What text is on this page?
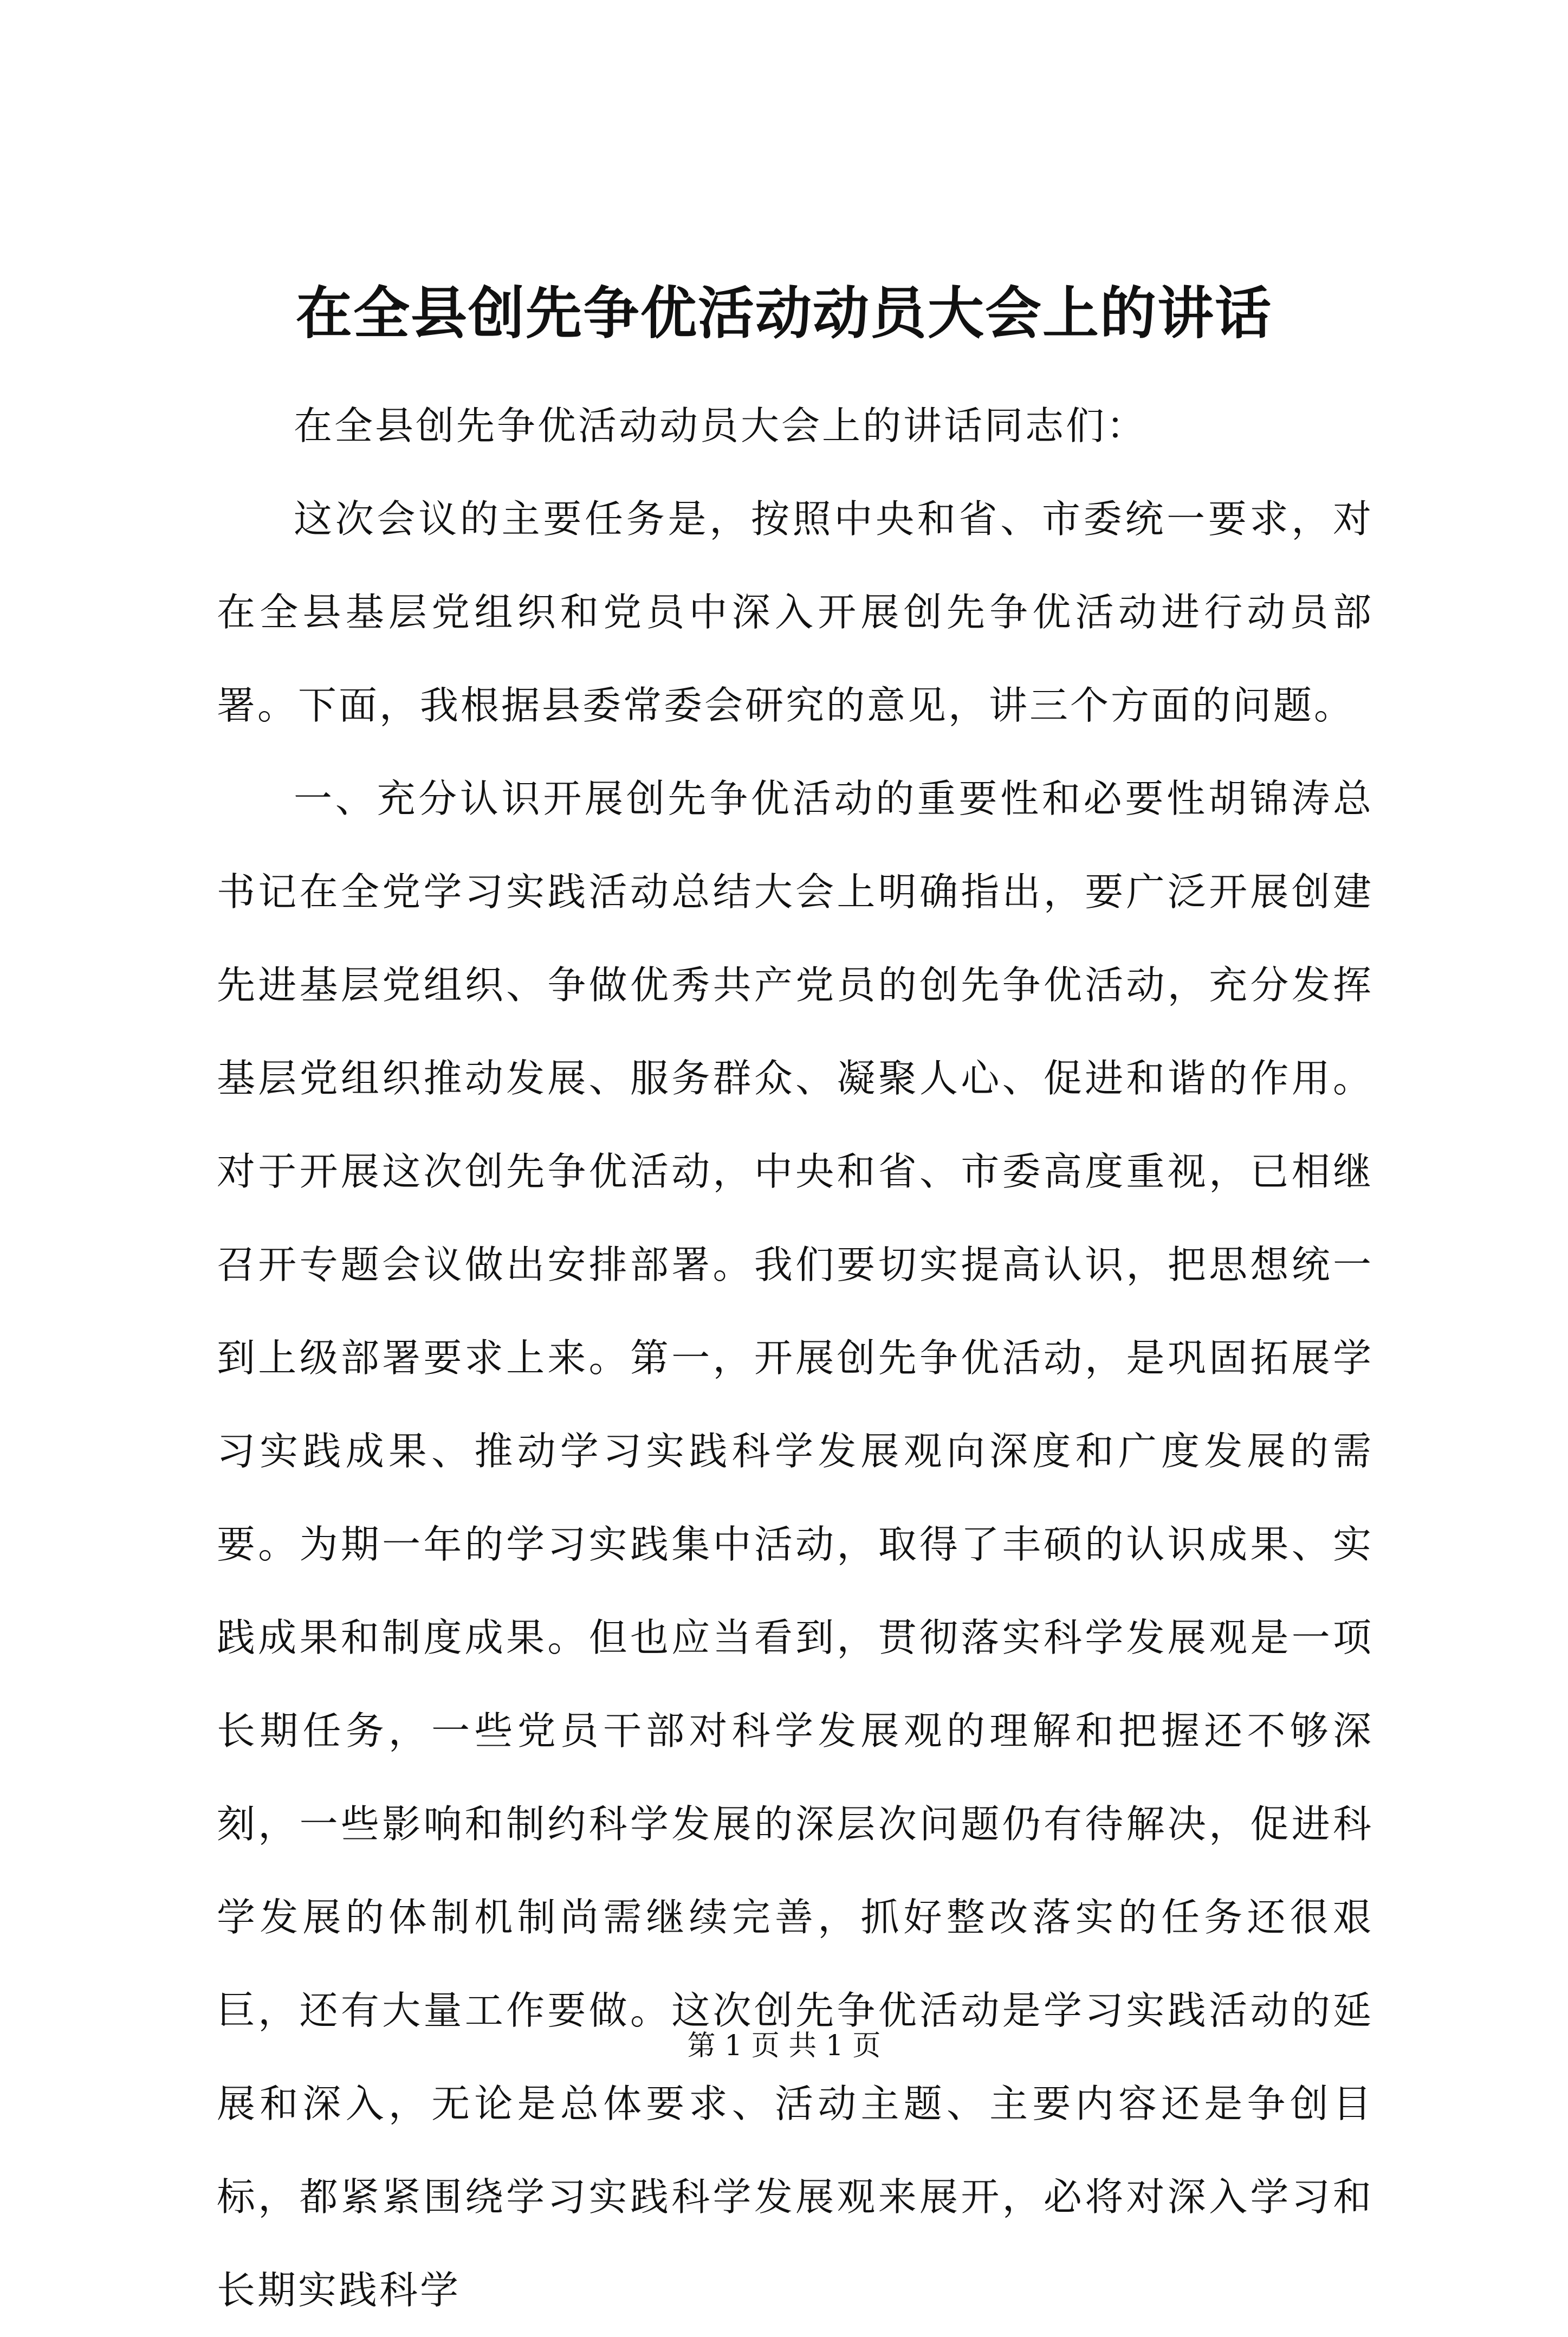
在全县创先争优活动动员大会上的讲话

在全县创先争优活动动员大会上的讲话同志们：

这次会议的主要任务是，按照中央和省、市委统一要求，对在全县基层党组织和党员中深入开展创先争优活动进行动员部署。下面，我根据县委常委会研究的意见，讲三个方面的问题。

一、充分认识开展创先争优活动的重要性和必要性胡锦涛总书记在全党学习实践活动总结大会上明确指出，要广泛开展创建先进基层党组织、争做优秀共产党员的创先争优活动，充分发挥基层党组织推动发展、服务群众、凝聚人心、促进和谐的作用。对于开展这次创先争优活动，中央和省、市委高度重视，已相继召开专题会议做出安排部署。我们要切实提高认识，把思想统一到上级部署要求上来。第一，开展创先争优活动，是巩固拓展学习实践成果、推动学习实践科学发展观向深度和广度发展的需要。为期一年的学习实践集中活动，取得了丰硕的认识成果、实践成果和制度成果。但也应当看到，贯彻落实科学发展观是一项长期任务，一些党员干部对科学发展观的理解和把握还不够深刻，一些影响和制约科学发展的深层次问题仍有待解决，促进科学发展的体制机制尚需继续完善，抓好整改落实的任务还很艰巨，还有大量工作要做。这次创先争优活动是学习实践活动的延展和深入，无论是总体要求、活动主题、主要内容还是争创目标，都紧紧围绕学习实践科学发展观来展开，必将对深入学习和长期实践科学

第 1 页 共 1 页
